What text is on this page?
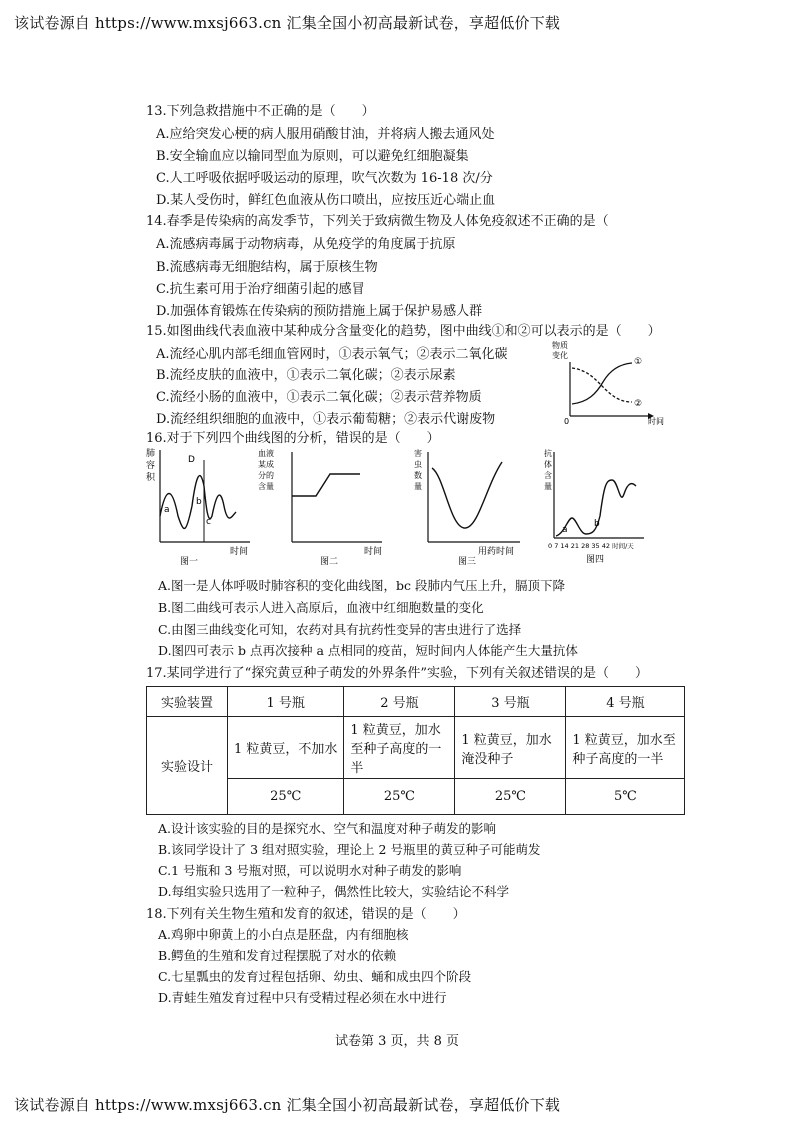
该试卷源自 https://www.mxsj663.cn 汇集全国小初高最新试卷，享超低价下载
13.下列急救措施中不正确的是（　　）
A.应给突发心梗的病人服用硝酸甘油，并将病人搬去通风处
B.安全输血应以输同型血为原则，可以避免红细胞凝集
C.人工呼吸依据呼吸运动的原理，吹气次数为 16-18 次/分
D.某人受伤时，鲜红色血液从伤口喷出，应按压近心端止血
14.春季是传染病的高发季节，下列关于致病微生物及人体免疫叙述不正确的是（
A.流感病毒属于动物病毒，从免疫学的角度属于抗原
B.流感病毒无细胞结构，属于原核生物
C.抗生素可用于治疗细菌引起的感冒
D.加强体育锻炼在传染病的预防措施上属于保护易感人群
15.如图曲线代表血液中某种成分含量变化的趋势，图中曲线①和②可以表示的是（　　）
A.流经心肌内部毛细血管网时，①表示氧气；②表示二氧化碳
B.流经皮肤的血液中，①表示二氧化碳；②表示尿素
C.流经小肠的血液中，①表示二氧化碳；②表示营养物质
D.流经组织细胞的血液中，①表示葡萄糖；②表示代谢废物
物质
变化
0	时间
①
②
16.对于下列四个曲线图的分析，错误的是（　　）
肺
容
积
D
a
b
c
时间
图一
血液
某成
分的
含量
时间
图二
害
虫
数
量
用药时间
图三
抗
体
含
量
a
b
0 7 14 21 28 35 42 时间/天
图四
A.图一是人体呼吸时肺容积的变化曲线图，bc 段肺内气压上升，膈顶下降
B.图二曲线可表示人进入高原后，血液中红细胞数量的变化
C.由图三曲线变化可知，农药对具有抗药性变异的害虫进行了选择
D.图四可表示 b 点再次接种 a 点相同的疫苗，短时间内人体能产生大量抗体
17.某同学进行了“探究黄豆种子萌发的外界条件”实验，下列有关叙述错误的是（　　）
实验装置	1 号瓶	2 号瓶	3 号瓶	4 号瓶
实验设计	1 粒黄豆，不加水	1 粒黄豆，加水至种子高度的一半	1 粒黄豆，加水淹没种子	1 粒黄豆，加水至种子高度的一半
	25℃	25℃	25℃	5℃
A.设计该实验的目的是探究水、空气和温度对种子萌发的影响
B.该同学设计了 3 组对照实验，理论上 2 号瓶里的黄豆种子可能萌发
C.1 号瓶和 3 号瓶对照，可以说明水对种子萌发的影响
D.每组实验只选用了一粒种子，偶然性比较大，实验结论不科学
18.下列有关生物生殖和发育的叙述，错误的是（　　）
A.鸡卵中卵黄上的小白点是胚盘，内有细胞核
B.鳄鱼的生殖和发育过程摆脱了对水的依赖
C.七星瓢虫的发育过程包括卵、幼虫、蛹和成虫四个阶段
D.青蛙生殖发育过程中只有受精过程必须在水中进行
试卷第 3 页，共 8 页
该试卷源自 https://www.mxsj663.cn 汇集全国小初高最新试卷，享超低价下载
